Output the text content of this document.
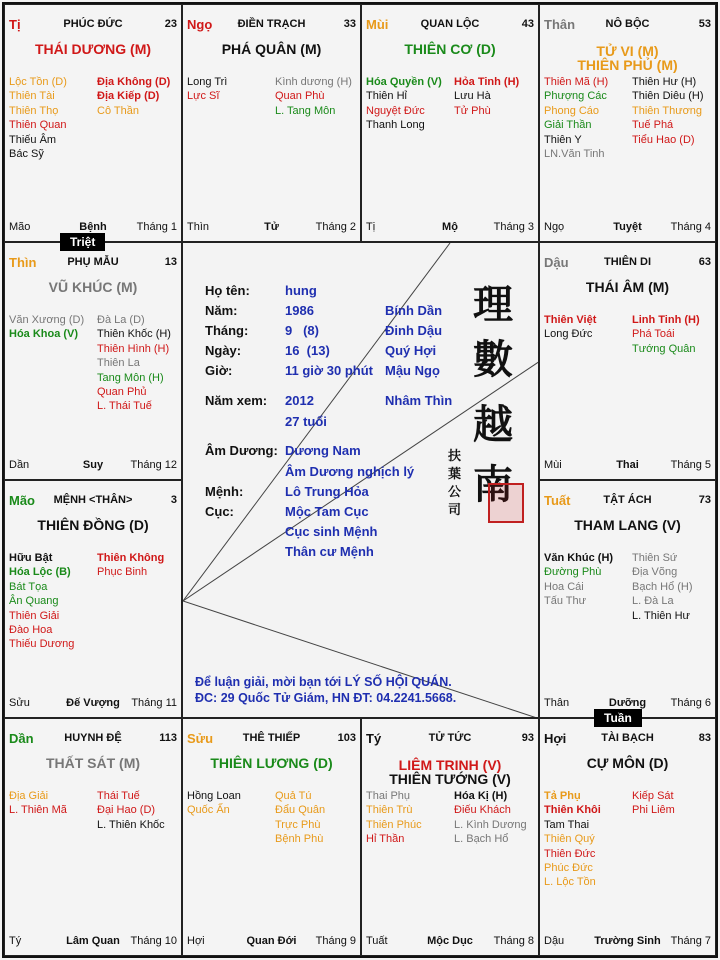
Tị	PHÚC ĐỨC	23
THÁI DƯƠNG (M)
Lộc Tồn (D)
Thiên Tài
Thiên Thọ
Thiên Quan
Thiếu Âm
Bác Sỹ
Địa Không (D)
Địa Kiếp (D)
Cô Thần
Mão	Bệnh	Tháng 1
Ngọ	ĐIỀN TRẠCH	33
PHÁ QUÂN (M)
Long Trì
Lực Sĩ
Kình dương (H)
Quan Phù
L. Tang Môn
Thìn	Tử	Tháng 2
Mùi	QUAN LỘC	43
THIÊN CƠ (D)
Hóa Quyền (V)
Thiên Hỉ
Nguyệt Đức
Thanh Long
Hỏa Tinh (H)
Lưu Hà
Tử Phù
Tị	Mộ	Tháng 3
Thân	NÔ BỘC	53
TỬ VI (M)
THIÊN PHỦ (M)
Thiên Mã (H)
Phượng Các
Phong Cáo
Giải Thần
Thiên Y
LN.Văn Tinh
Thiên Hư (H)
Thiên Diêu (H)
Thiên Thương
Tuế Phá
Tiểu Hao (D)
Ngọ	Tuyệt	Tháng 4
Thìn	PHỤ MẪU	13
VŨ KHÚC (M)
Văn Xương (D)
Hóa Khoa (V)
Đà La (D)
Thiên Khốc (H)
Thiên Hình (H)
Thiên La
Tang Môn (H)
Quan Phủ
L. Thái Tuế
Dần	Suy	Tháng 12
Dậu	THIÊN DI	63
THÁI ÂM (M)
Thiên Việt
Long Đức
Linh Tinh (H)
Phá Toái
Tướng Quân
Mùi	Thai	Tháng 5
Mão	MỆNH <THÂN>	3
THIÊN ĐỒNG (D)
Hữu Bật
Hóa Lộc (B)
Bát Tọa
Ân Quang
Thiên Giải
Đào Hoa
Thiếu Dương
Thiên Không
Phục Binh
Sửu	Đế Vượng	Tháng 11
Tuất	TẬT ÁCH	73
THAM LANG (V)
Văn Khúc (H)
Đường Phù
Hoa Cái
Tấu Thư
Thiên Sứ
Địa Võng
Bạch Hổ (H)
L. Đà La
L. Thiên Hư
Thân	Dưỡng	Tháng 6
Dần	HUYNH ĐỆ	113
THẤT SÁT (M)
Địa Giải
L. Thiên Mã
Thái Tuế
Đại Hao (D)
L. Thiên Khốc
Tý	Lâm Quan Tháng 10
Sửu	THÊ THIẾP	103
THIÊN LƯƠNG (D)
Hồng Loan
Quốc Ấn
Quả Tú
Đẩu Quân
Trực Phù
Bệnh Phù
Hợi	Quan Đới	Tháng 9
Tý	TỬ TỨC	93
LIÊM TRINH (V)
THIÊN TƯỚNG (V)
Thai Phụ
Thiên Trù
Thiên Phúc
Hỉ Thần
Hóa Kị (H)
Điếu Khách
L. Kình Dương
L. Bạch Hổ
Tuất	Mộc Dục	Tháng 8
Hợi	TÀI BẠCH	83
CỰ MÔN (D)
Tả Phụ
Thiên Khôi
Tam Thai
Thiên Quý
Thiên Đức
Phúc Đức
L. Lộc Tồn
Kiếp Sát
Phi Liêm
Dậu	Trường Sinh Tháng 7
Họ tên:	hung
Năm:	1986	Bính Dần
Tháng:	9   (8)	Đinh Dậu
Ngày:	16  (13)	Quý Hợi
Giờ:	11 giờ 30 phút Mậu Ngọ
Năm xem: 2012	Nhâm Thìn
27 tuổi
Âm Dương: Dương Nam
Âm Dương nghịch lý
Mệnh:	Lô Trung Hỏa
Cục:	Mộc Tam Cục
Cục sinh Mệnh
Thân cư Mệnh
理
數
越
南
扶
葉
公
司
Để luận giải, mời bạn tới LÝ SỐ HỘI QUÁN.
ĐC: 29 Quốc Tử Giám, HN ĐT: 04.2241.5668.
Triệt
Tuần
